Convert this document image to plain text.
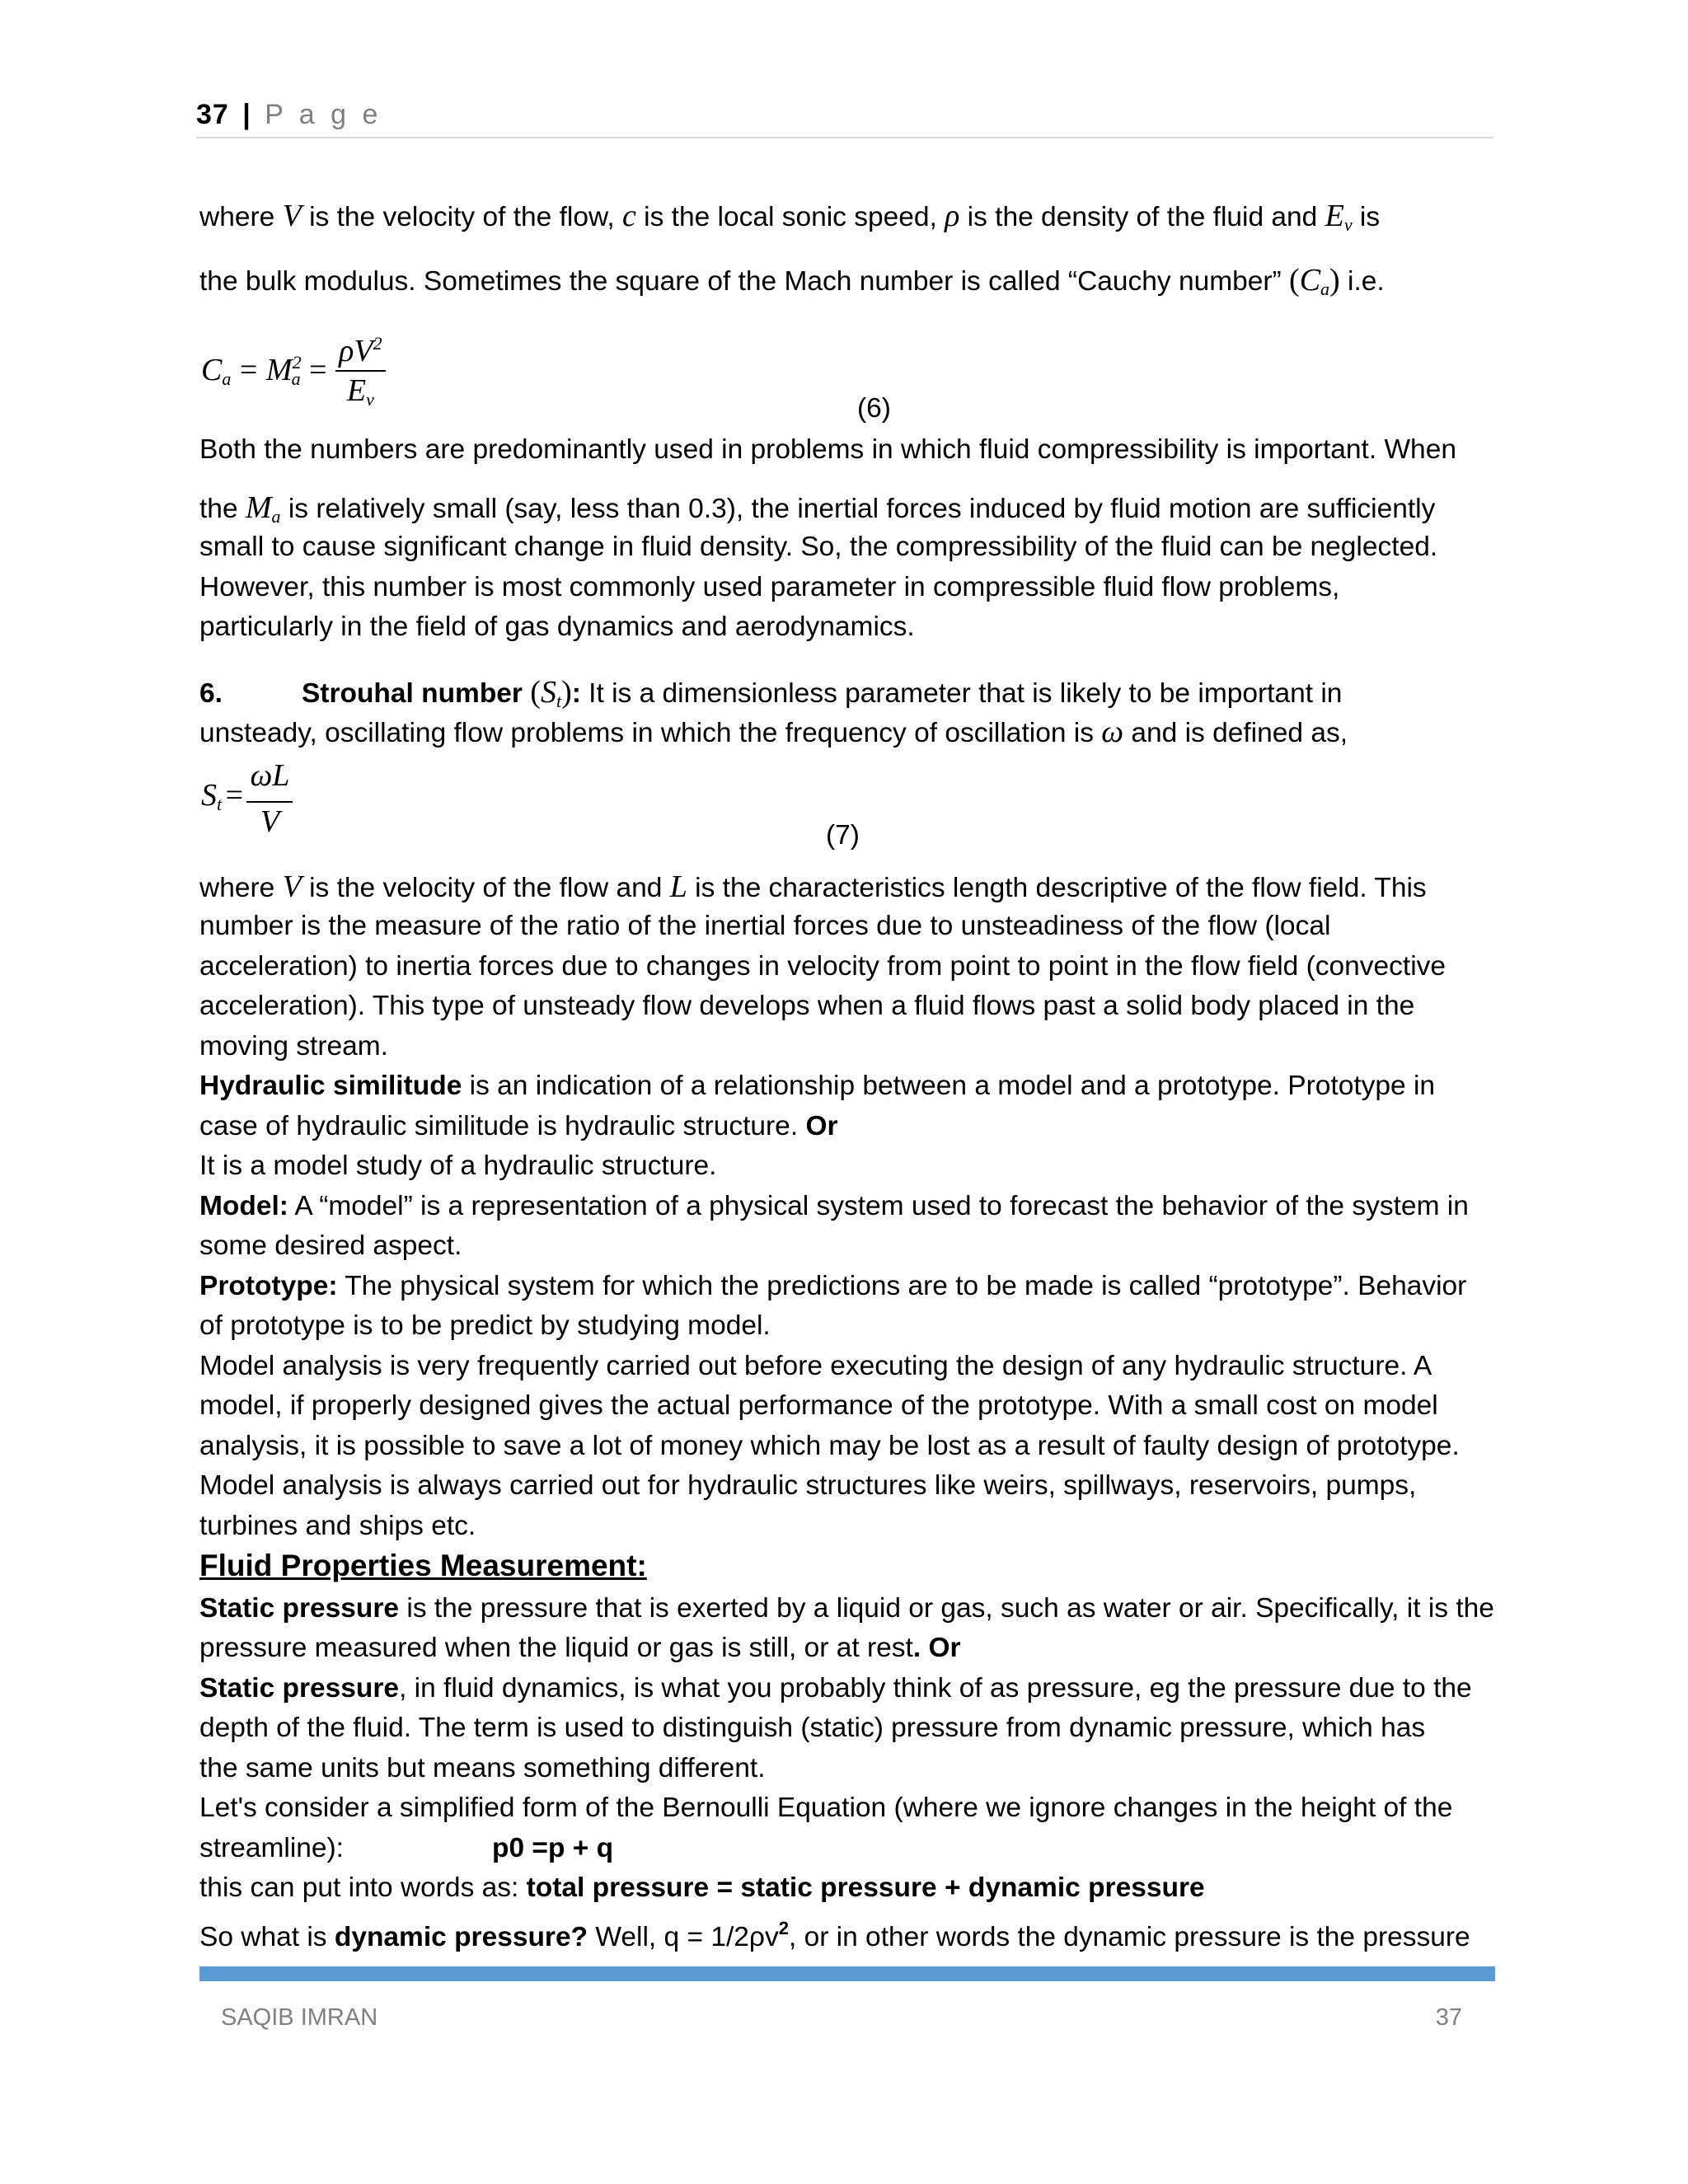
37 | P a g e
where V is the velocity of the flow, c is the local sonic speed, ρ is the density of the fluid and $E_v$ is
the bulk modulus. Sometimes the square of the Mach number is called “Cauchy number” $(C_a)$ i.e.
$C_a = M^2_a = \frac{\rho V^2}{E_v}$	(6)
Both the numbers are predominantly used in problems in which fluid compressibility is important. When
the $M_a$ is relatively small (say, less than 0.3), the inertial forces induced by fluid motion are sufficiently
small to cause significant change in fluid density. So, the compressibility of the fluid can be neglected.
However, this number is most commonly used parameter in compressible fluid flow problems,
particularly in the field of gas dynamics and aerodynamics.
6.	Strouhal number $(S_t)$: It is a dimensionless parameter that is likely to be important in
unsteady, oscillating flow problems in which the frequency of oscillation is ω and is defined as,
$St = \frac{\omega L}{V}$	(7)
where V is the velocity of the flow and L is the characteristics length descriptive of the flow field. This
number is the measure of the ratio of the inertial forces due to unsteadiness of the flow (local
acceleration) to inertia forces due to changes in velocity from point to point in the flow field (convective
acceleration). This type of unsteady flow develops when a fluid flows past a solid body placed in the
moving stream.
Hydraulic similitude is an indication of a relationship between a model and a prototype. Prototype in
case of hydraulic similitude is hydraulic structure. Or
It is a model study of a hydraulic structure.
Model: A “model” is a representation of a physical system used to forecast the behavior of the system in
some desired aspect.
Prototype: The physical system for which the predictions are to be made is called “prototype”. Behavior
of prototype is to be predict by studying model.
Model analysis is very frequently carried out before executing the design of any hydraulic structure. A
model, if properly designed gives the actual performance of the prototype. With a small cost on model
analysis, it is possible to save a lot of money which may be lost as a result of faulty design of prototype.
Model analysis is always carried out for hydraulic structures like weirs, spillways, reservoirs, pumps,
turbines and ships etc.
Fluid Properties Measurement:
Static pressure is the pressure that is exerted by a liquid or gas, such as water or air. Specifically, it is the
pressure measured when the liquid or gas is still, or at rest. Or
Static pressure, in fluid dynamics, is what you probably think of as pressure, eg the pressure due to the
depth of the fluid. The term is used to distinguish (static) pressure from dynamic pressure, which has
the same units but means something different.
Let's consider a simplified form of the Bernoulli Equation (where we ignore changes in the height of the
streamline):	p0 =p + q
this can put into words as: total pressure = static pressure + dynamic pressure
So what is dynamic pressure? Well, $q = 1/2\rho v^2$, or in other words the dynamic pressure is the pressure
SAQIB IMRAN	37
